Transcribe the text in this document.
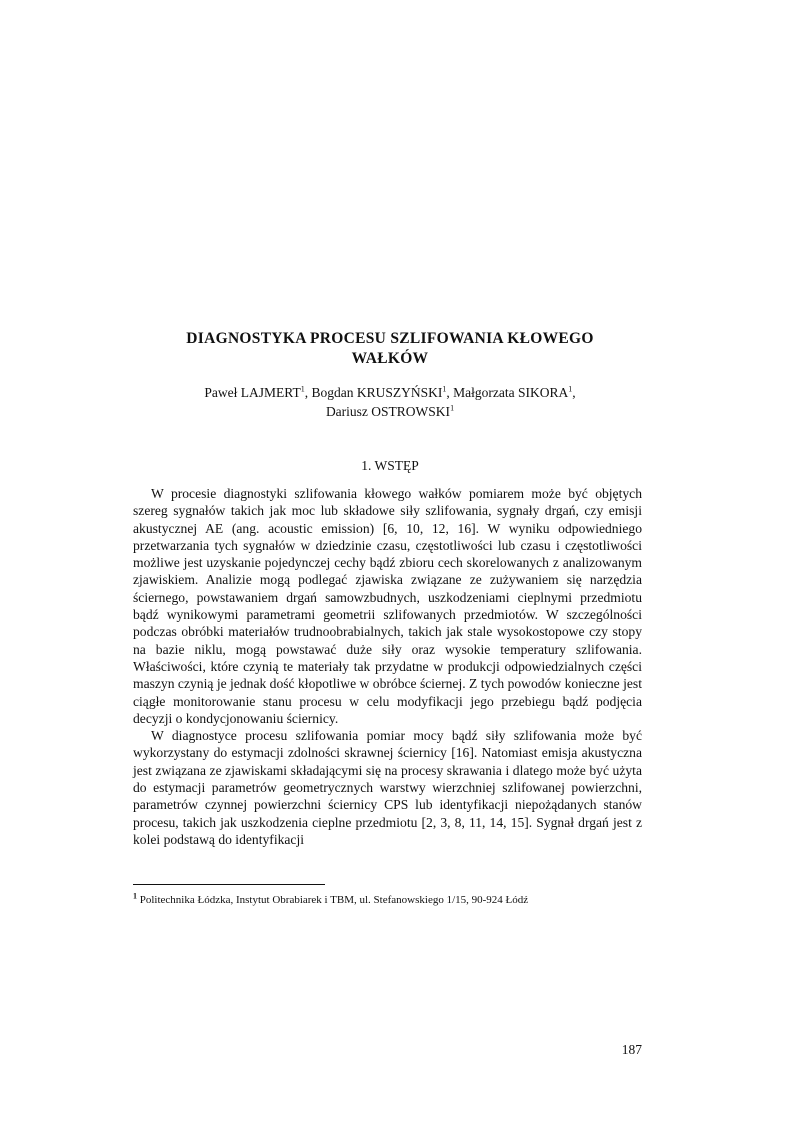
DIAGNOSTYKA PROCESU SZLIFOWANIA KŁOWEGO
WAŁKÓW
Paweł LAJMERT$^1$, Bogdan KRUSZYŃSKI$^1$, Małgorzata SIKORA$^1$,
Dariusz OSTROWSKI$^1$
1. WSTĘP

W procesie diagnostyki szlifowania kłowego wałków pomiarem może być objętych szereg sygnałów takich jak moc lub składowe siły szlifowania, sygnały drgań, czy emisji akustycznej AE (ang. acoustic emission) [6, 10, 12, 16]. W wyniku odpowiedniego przetwarzania tych sygnałów w dziedzinie czasu, częstotliwości lub czasu i częstotliwości możliwe jest uzyskanie pojedynczej cechy bądź zbioru cech skorelowanych z analizowanym zjawiskiem. Analizie mogą podlegać zjawiska związane ze zużywaniem się narzędzia ściernego, powstawaniem drgań samowzbudnych, uszkodzeniami cieplnymi przedmiotu bądź wynikowymi parametrami geometrii szlifowanych przedmiotów. W szczególności podczas obróbki materiałów trudnoobrabialnych, takich jak stale wysokostopowe czy stopy na bazie niklu, mogą powstawać duże siły oraz wysokie temperatury szlifowania. Właściwości, które czynią te materiały tak przydatne w produkcji odpowiedzialnych części maszyn czynią je jednak dość kłopotliwe w obróbce ściernej. Z tych powodów konieczne jest ciągłe monitorowanie stanu procesu w celu modyfikacji jego przebiegu bądź podjęcia decyzji o kondycjonowaniu ściernicy.

W diagnostyce procesu szlifowania pomiar mocy bądź siły szlifowania może być wykorzystany do estymacji zdolności skrawnej ściernicy [16]. Natomiast emisja akustyczna jest związana ze zjawiskami składającymi się na procesy skrawania i dlatego może być użyta do estymacji parametrów geometrycznych warstwy wierzchniej szlifowanej powierzchni, parametrów czynnej powierzchni ściernicy CPS lub identyfikacji niepożądanych stanów procesu, takich jak uszkodzenia cieplne przedmiotu [2, 3, 8, 11, 14, 15]. Sygnał drgań jest z kolei podstawą do identyfikacji

$^1$ Politechnika Łódzka, Instytut Obrabiarek i TBM, ul. Stefanowskiego 1/15, 90-924 Łódź
187
